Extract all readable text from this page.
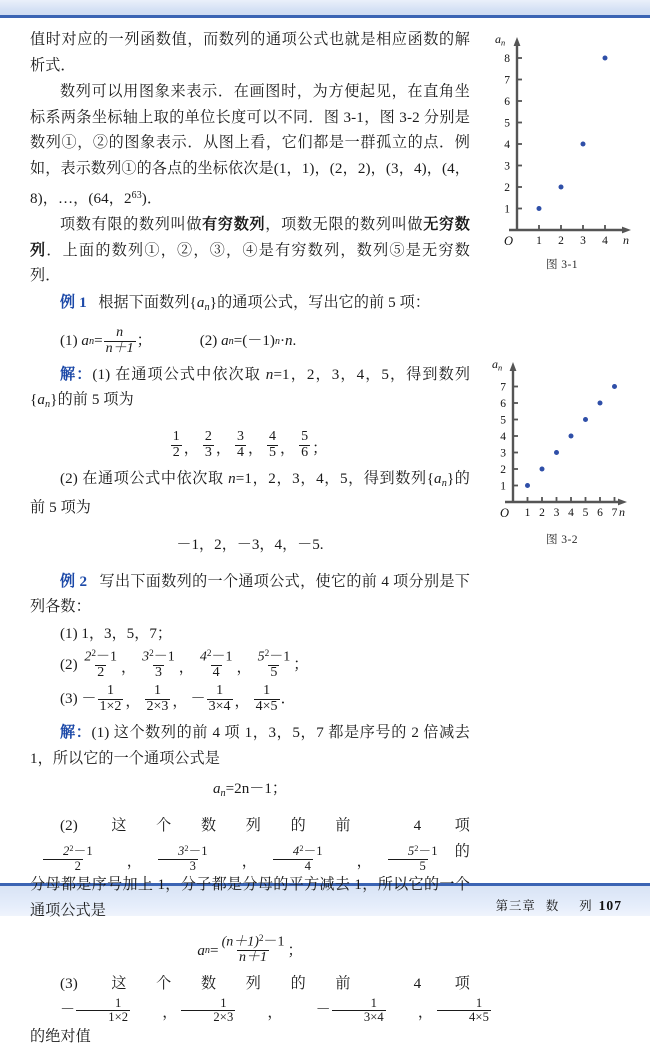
值时对应的一列函数值，而数列的通项公式也就是相应函数的解析式．

数列可以用图象来表示．在画图时，为方便起见，在直角坐标系两条坐标轴上取的单位长度可以不同．图 3-1，图 3-2 分别是数列①，②的图象表示．从图上看，它们都是一群孤立的点．例如，表示数列①的各点的坐标依次是(1，1)，(2，2)，(3，4)，(4，8)，…，(64，$2^{63}$)．

项数有限的数列叫做有穷数列，项数无限的数列叫做无穷数列．上面的数列①，②，③，④是有穷数列，数列⑤是无穷数列．

例 1 根据下面数列$\{a_n\}$的通项公式，写出它的前 5 项：

(1)
a $n = \frac{n}{n+1}$ ；	(2)
a n =(－1) n · n .

解：(1) 在通项公式中依次取 n=1，2，3，4，5，得到数列$\{a_n\}$的前 5 项为

$\frac{1}{2}$ ， $\frac{2}{3}$ ， $\frac{3}{4}$ ， $\frac{4}{5}$ ， $\frac{5}{6}$ ；

(2) 在通项公式中依次取 n=1，2，3，4，5，得到数列$\{a_n\}$的前 5 项为

－1，2，－3，4，－5.

例 2 写出下面数列的一个通项公式，使它的前 4 项分别是下列各数：

(1)
1，3，5，7；
(2)
$\frac{2^2-1}{2}$ ， $\frac{3^2-1}{3}$ ， $\frac{4^2-1}{4}$ ， $\frac{5^2-1}{5}$ ；
(3)
－ $\frac{1}{1\times 2}$ ， $\frac{1}{2\times 3}$ ， － $\frac{1}{3\times 4}$ ， $\frac{1}{4\times 5}$ ．

解：(1) 这个数列的前 4 项 1，3，5，7 都是序号的 2 倍减去 1，所以它的一个通项公式是

$a_n=2n-1$；

(2) 这个数列的前 4 项
$\frac{2^2-1}{2}$	， $\frac{3^2-1}{3}$	， $\frac{4^2-1}{4}$	， $\frac{5^2-1}{5}$ 的分母都是序号加上 1，分子都是分母的平方减去 1，所以它的一个通项公式是

a $n = \frac{(n+1)^2-1}{n+1}$ ；

(3) 这个数列的前 4 项
－ $\frac{1}{1\times 2}$	， $\frac{1}{2\times 3}$	，	－ $\frac{1}{3\times 4}$	， $\frac{1}{4\times 5}$
的绝对值

1 2 3 4
1
2
3
4
5
6
7
8
$a_n$
n
O
图 3-1
1 2 3 4 5 6 7
1
2
3
4
5
6
7
$a_n$
n
O
图 3-2
第三章 数 列 107
